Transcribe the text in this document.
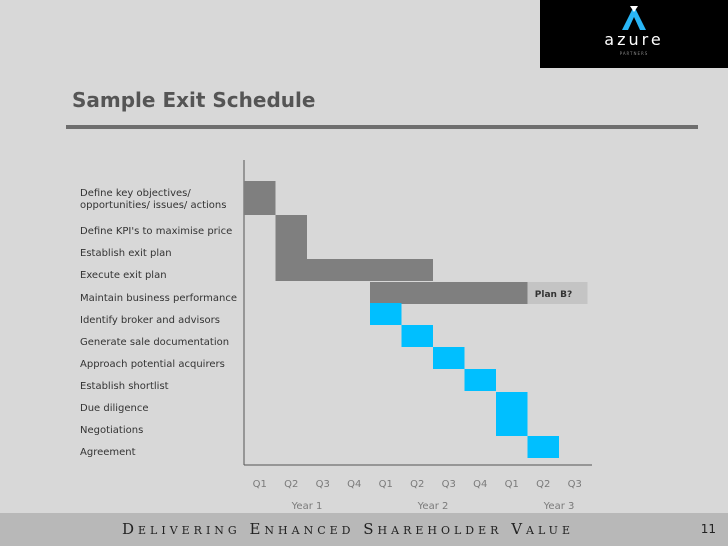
azure
PARTNERS
Sample Exit Schedule
Define key objectives/
opportunities/ issues/ actions
Define KPI's to maximise price
Establish exit plan
Execute exit plan
Maintain business performance
Identify broker and advisors
Generate sale documentation
Approach potential acquirers
Establish shortlist
Due diligence
Negotiations
Agreement
Plan B?
Q1 Q2 Q3 Q4 Q1 Q2 Q3 Q4 Q1 Q2 Q3
Year 1	Year 2	Year 3
Delivering Enhanced Shareholder Value	11
